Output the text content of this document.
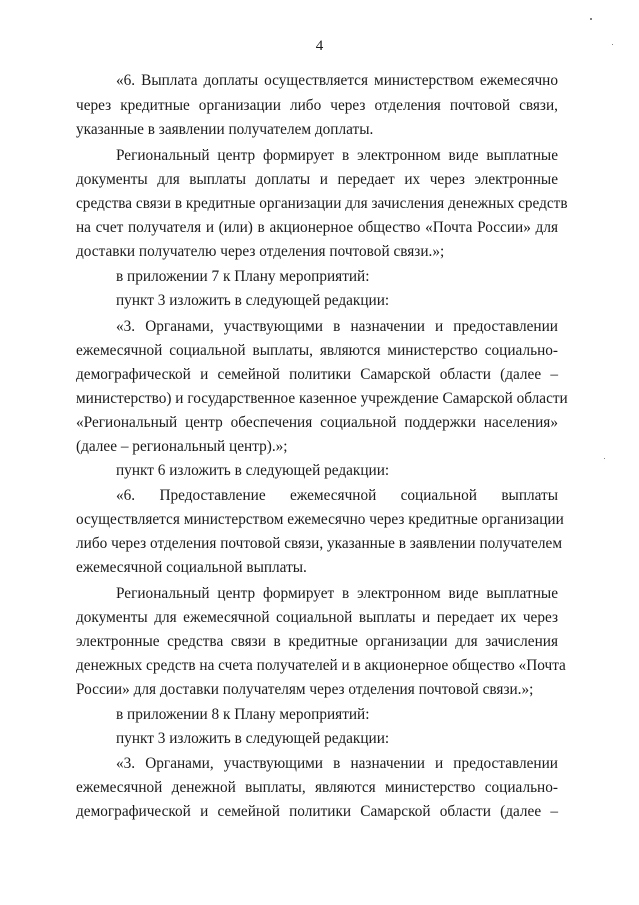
4
«6. Выплата доплаты осуществляется министерством ежемесячно
через кредитные организации либо через отделения почтовой связи,
указанные в заявлении получателем доплаты.
Региональный центр формирует в электронном виде выплатные
документы для выплаты доплаты и передает их через электронные
средства связи в кредитные организации для зачисления денежных средств
на счет получателя и (или) в акционерное общество «Почта России» для
доставки получателю через отделения почтовой связи.»;
в приложении 7 к Плану мероприятий:
пункт 3 изложить в следующей редакции:
«3. Органами, участвующими в назначении и предоставлении
ежемесячной социальной выплаты, являются министерство социально-
демографической и семейной политики Самарской области (далее –
министерство) и государственное казенное учреждение Самарской области
«Региональный центр обеспечения социальной поддержки населения»
(далее – региональный центр).»;
пункт 6 изложить в следующей редакции:
«6. Предоставление ежемесячной социальной выплаты
осуществляется министерством ежемесячно через кредитные организации
либо через отделения почтовой связи, указанные в заявлении получателем
ежемесячной социальной выплаты.
Региональный центр формирует в электронном виде выплатные
документы для ежемесячной социальной выплаты и передает их через
электронные средства связи в кредитные организации для зачисления
денежных средств на счета получателей и в акционерное общество «Почта
России» для доставки получателям через отделения почтовой связи.»;
в приложении 8 к Плану мероприятий:
пункт 3 изложить в следующей редакции:
«3. Органами, участвующими в назначении и предоставлении
ежемесячной денежной выплаты, являются министерство социально-
демографической и семейной политики Самарской области (далее –
